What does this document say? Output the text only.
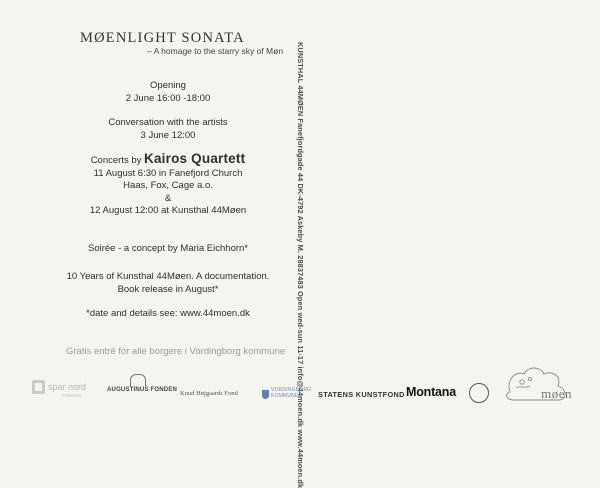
MØENLIGHT SONATA
– A homage to the starry sky of Møn
Opening
2 June 16:00 -18:00
Conversation with the artists
3 June 12:00
Concerts by Kairos Quartett
11 August 6:30 in Fanefjord Church
Haas, Fox, Cage a.o.
&
12 August 12:00 at Kunsthal 44Møen
Soirée - a concept by Maria Eichhorn*
10 Years of Kunsthal 44Møen. A documentation.
Book release in August*
*date and details see: www.44moen.dk
Gratis entré for alle borgere i Vordingborg kommune KUNSTHAL 44MØEN Fanefjordgade 44 DK-4792 Askeby M. 28837483 Open wed-sun 11-17 info@44moen.dk www.44moen.dk
spar nord
FONDEN
AUGUSTINUS FONDEN Knud Højgaards Fond	VORDINGBORG
KOMMUNE	STATENS KUNSTFOND Montana	møen
